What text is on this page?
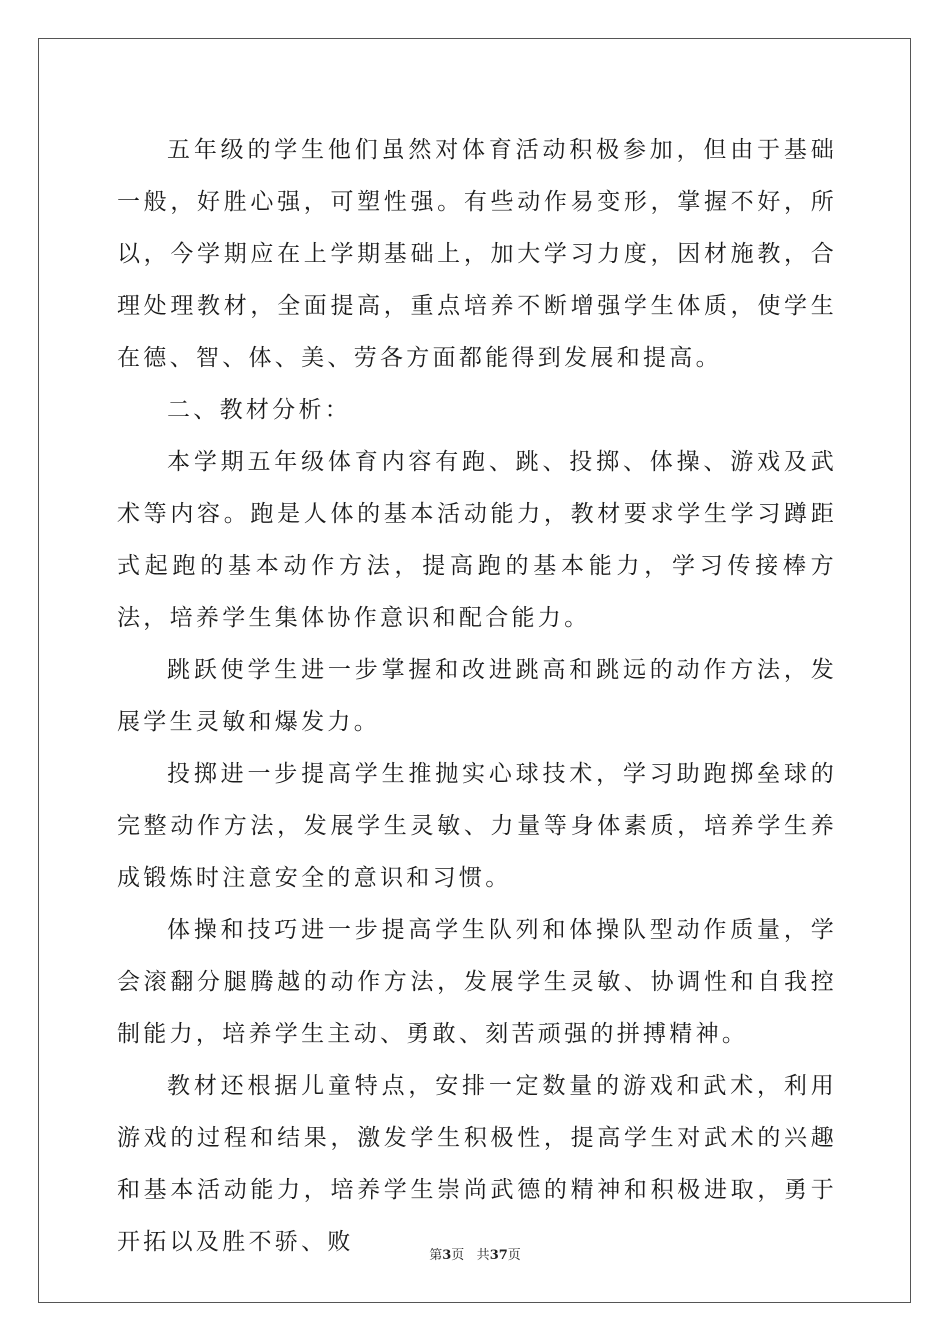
五年级的学生他们虽然对体育活动积极参加，但由于基础一般，好胜心强，可塑性强。有些动作易变形，掌握不好，所以，今学期应在上学期基础上，加大学习力度，因材施教，合理处理教材，全面提高，重点培养不断增强学生体质，使学生在德、智、体、美、劳各方面都能得到发展和提高。

二、教材分析：

本学期五年级体育内容有跑、跳、投掷、体操、游戏及武术等内容。跑是人体的基本活动能力，教材要求学生学习蹲距式起跑的基本动作方法，提高跑的基本能力，学习传接棒方法，培养学生集体协作意识和配合能力。

跳跃使学生进一步掌握和改进跳高和跳远的动作方法，发展学生灵敏和爆发力。

投掷进一步提高学生推抛实心球技术，学习助跑掷垒球的完整动作方法，发展学生灵敏、力量等身体素质，培养学生养成锻炼时注意安全的意识和习惯。

体操和技巧进一步提高学生队列和体操队型动作质量，学会滚翻分腿腾越的动作方法，发展学生灵敏、协调性和自我控制能力，培养学生主动、勇敢、刻苦顽强的拼搏精神。

教材还根据儿童特点，安排一定数量的游戏和武术，利用游戏的过程和结果，激发学生积极性，提高学生对武术的兴趣和基本活动能力，培养学生崇尚武德的精神和积极进取，勇于开拓以及胜不骄、败

第3页 共37页
